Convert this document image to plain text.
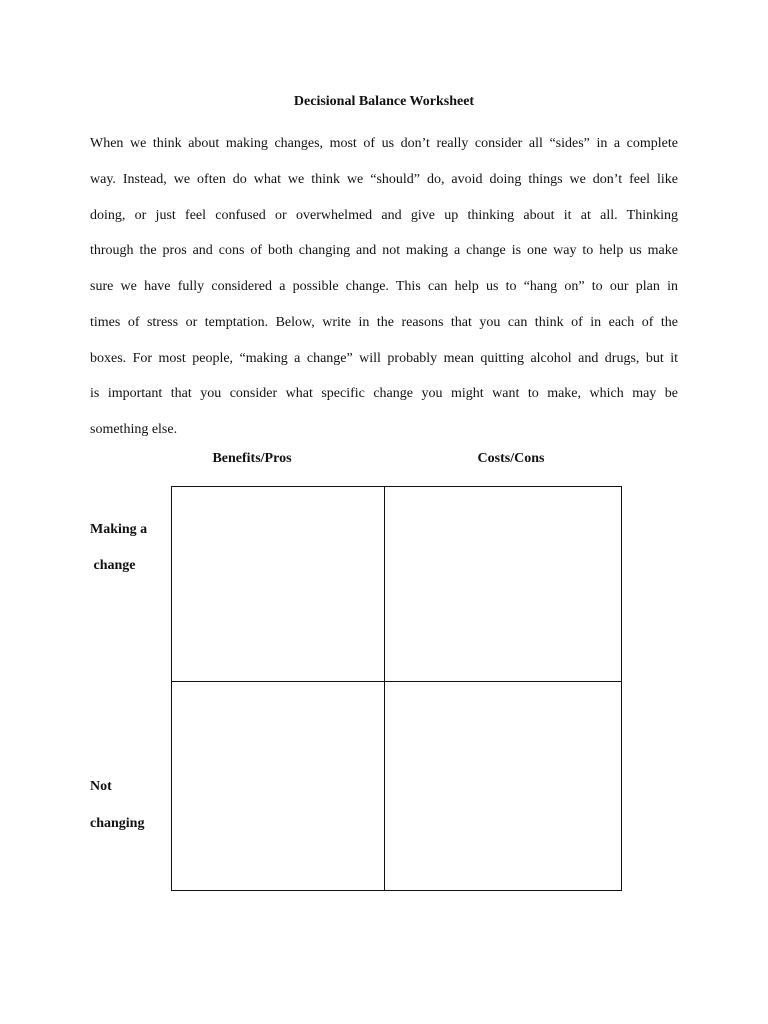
Decisional Balance Worksheet
When we think about making changes, most of us don’t really consider all “sides” in a complete
way. Instead, we often do what we think we “should” do, avoid doing things we don’t feel like
doing, or just feel confused or overwhelmed and give up thinking about it at all. Thinking
through the pros and cons of both changing and not making a change is one way to help us make
sure we have fully considered a possible change. This can help us to “hang on” to our plan in
times of stress or temptation. Below, write in the reasons that you can think of in each of the
boxes. For most people, “making a change” will probably mean quitting alcohol and drugs, but it
is important that you consider what specific change you might want to make, which may be
something else.
Benefits/Pros	Costs/Cons
Making a
change
Not
changing
